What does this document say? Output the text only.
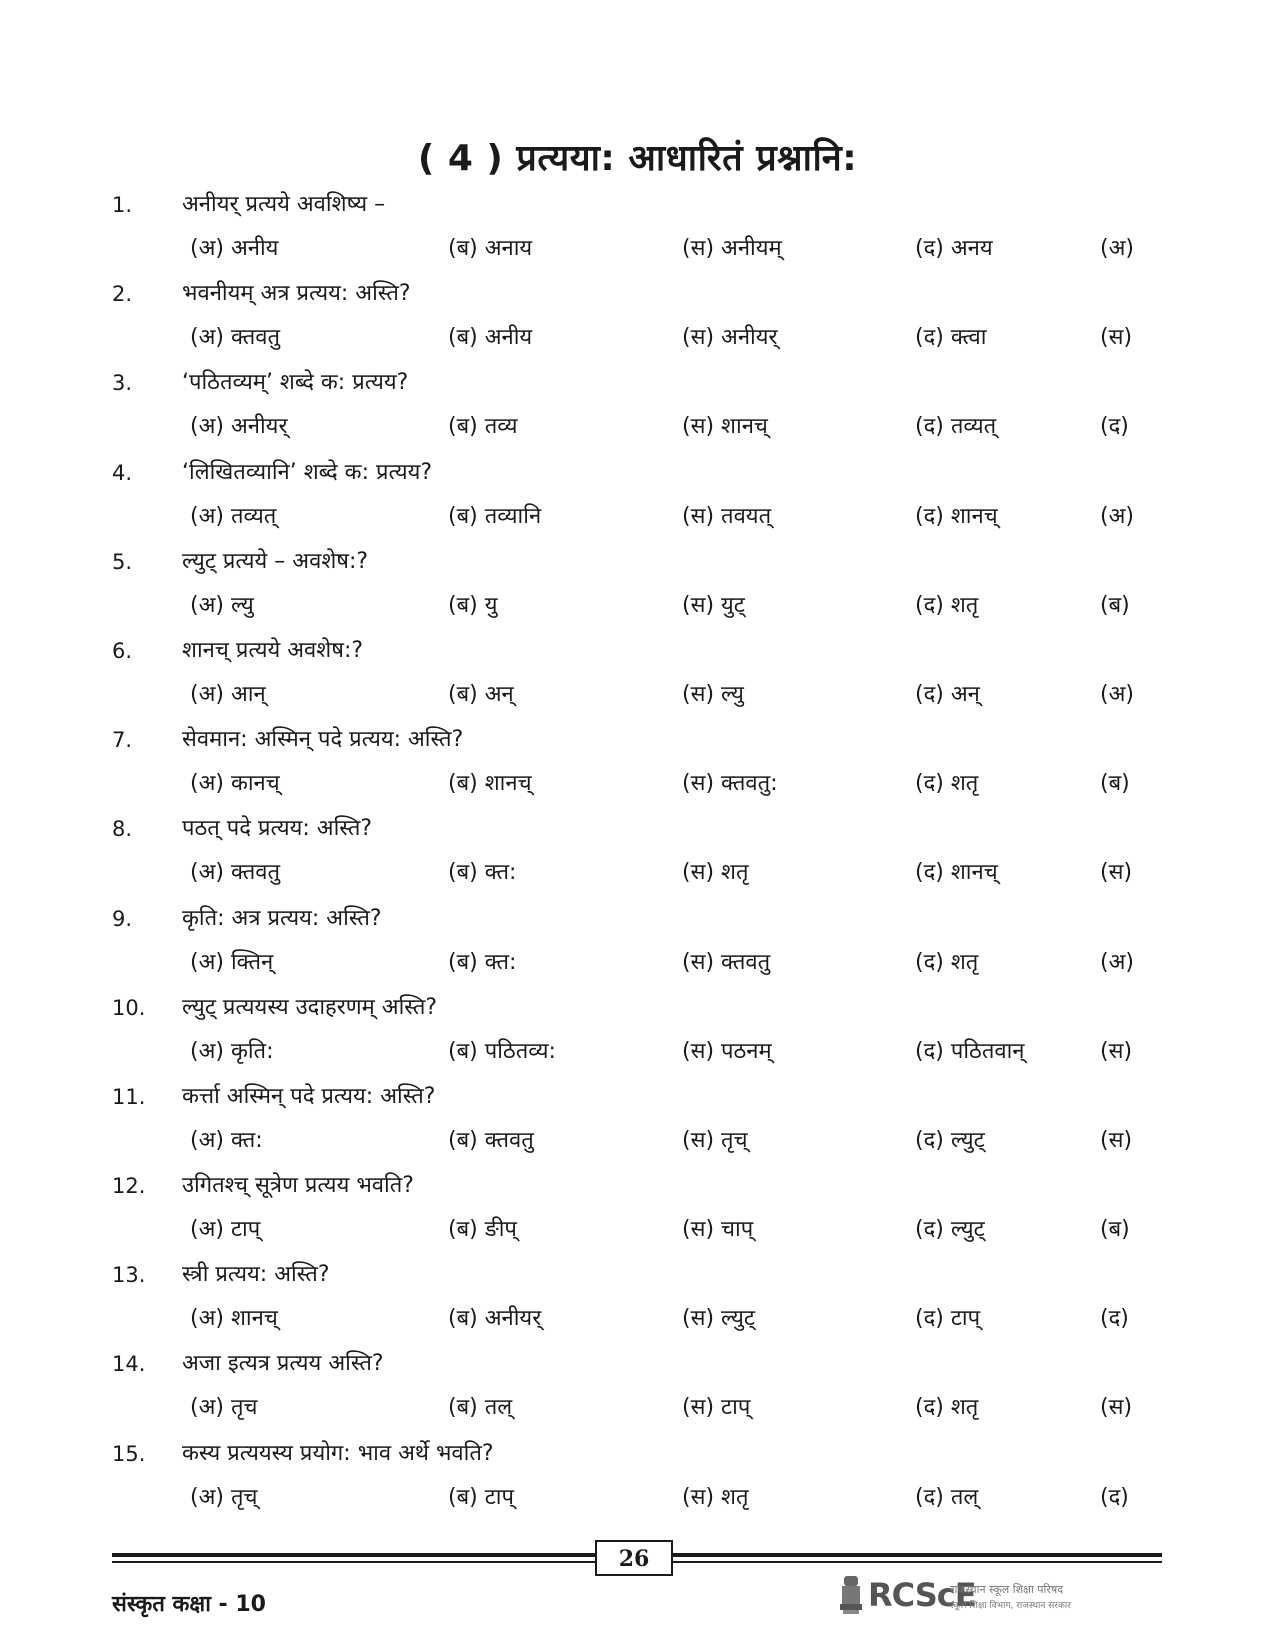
( 4 ) प्रत्यया: आधारितं प्रश्नानि:
1. अनीयर् प्रत्यये अवशिष्य –
(अ) अनीय	(ब) अनाय	(स) अनीयम्	(द) अनय	(अ)
2. भवनीयम् अत्र प्रत्यय: अस्ति?
(अ) क्तवतु	(ब) अनीय	(स) अनीयर्	(द) क्त्वा	(स)
3. ‘पठितव्यम्’ शब्दे क: प्रत्यय?
(अ) अनीयर्	(ब) तव्य	(स) शानच्	(द) तव्यत्	(द)
4. ‘लिखितव्यानि’ शब्दे क: प्रत्यय?
(अ) तव्यत्	(ब) तव्यानि	(स) तवयत्	(द) शानच्	(अ)
5. ल्युट् प्रत्यये – अवशेष:?
(अ) ल्यु	(ब) यु	(स) युट्	(द) शतृ	(ब)
6. शानच् प्रत्यये अवशेष:?
(अ) आन्	(ब) अन्	(स) ल्यु	(द) अन्	(अ)
7. सेवमान: अस्मिन् पदे प्रत्यय: अस्ति?
(अ) कानच्	(ब) शानच्	(स) क्तवतु:	(द) शतृ	(ब)
8. पठत् पदे प्रत्यय: अस्ति?
(अ) क्तवतु	(ब) क्त:	(स) शतृ	(द) शानच्	(स)
9. कृति: अत्र प्रत्यय: अस्ति?
(अ) क्तिन्	(ब) क्त:	(स) क्तवतु	(द) शतृ	(अ)
10. ल्युट् प्रत्ययस्य उदाहरणम् अस्ति?
(अ) कृति:	(ब) पठितव्य:	(स) पठनम्	(द) पठितवान्	(स)
11. कर्त्ता अस्मिन् पदे प्रत्यय: अस्ति?
(अ) क्त:	(ब) क्तवतु	(स) तृच्	(द) ल्युट्	(स)
12. उगितश्च् सूत्रेण प्रत्यय भवति?
(अ) टाप्	(ब) ङीप्	(स) चाप्	(द) ल्युट्	(ब)
13. स्त्री प्रत्यय: अस्ति?
(अ) शानच्	(ब) अनीयर्	(स) ल्युट्	(द) टाप्	(द)
14. अजा इत्यत्र प्रत्यय अस्ति?
(अ) तृच	(ब) तल्	(स) टाप्	(द) शतृ	(स)
15. कस्य प्रत्ययस्य प्रयोग: भाव अर्थे भवति?
(अ) तृच्	(ब) टाप्	(स) शतृ	(द) तल्	(द)
26
संस्कृत कक्षा - 10	RCScE
राजस्थान स्कूल शिक्षा परिषद
स्कूल शिक्षा विभाग, राजस्थान सरकार
